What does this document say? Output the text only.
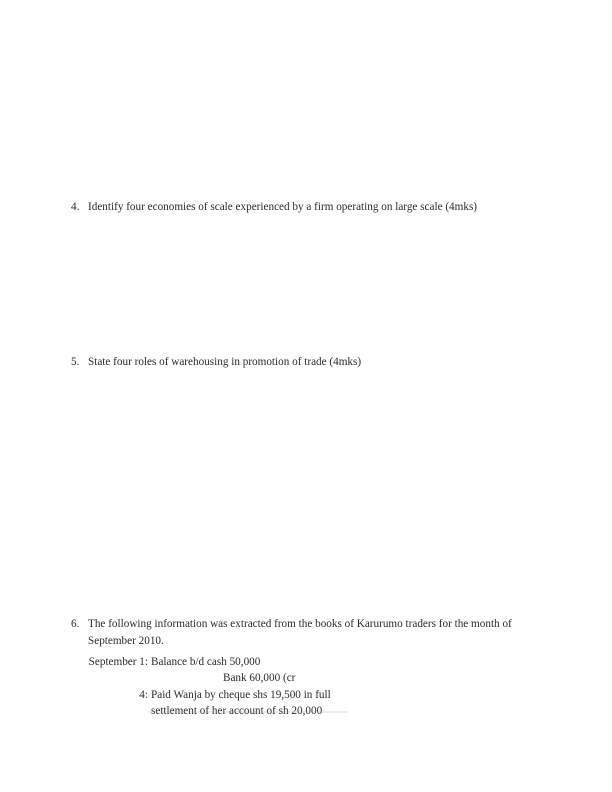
4. Identify four economies of scale experienced by a firm operating on large scale (4mks)

5. State four roles of warehousing in promotion of trade (4mks)

6. The following information was extracted from the books of Karurumo traders for the month of September 2010.

September 1: Balance b/d cash 50,000
Bank 60,000 (cr
4: Paid Wanja by cheque shs 19,500 in full
settlement of her account of sh 20,000
